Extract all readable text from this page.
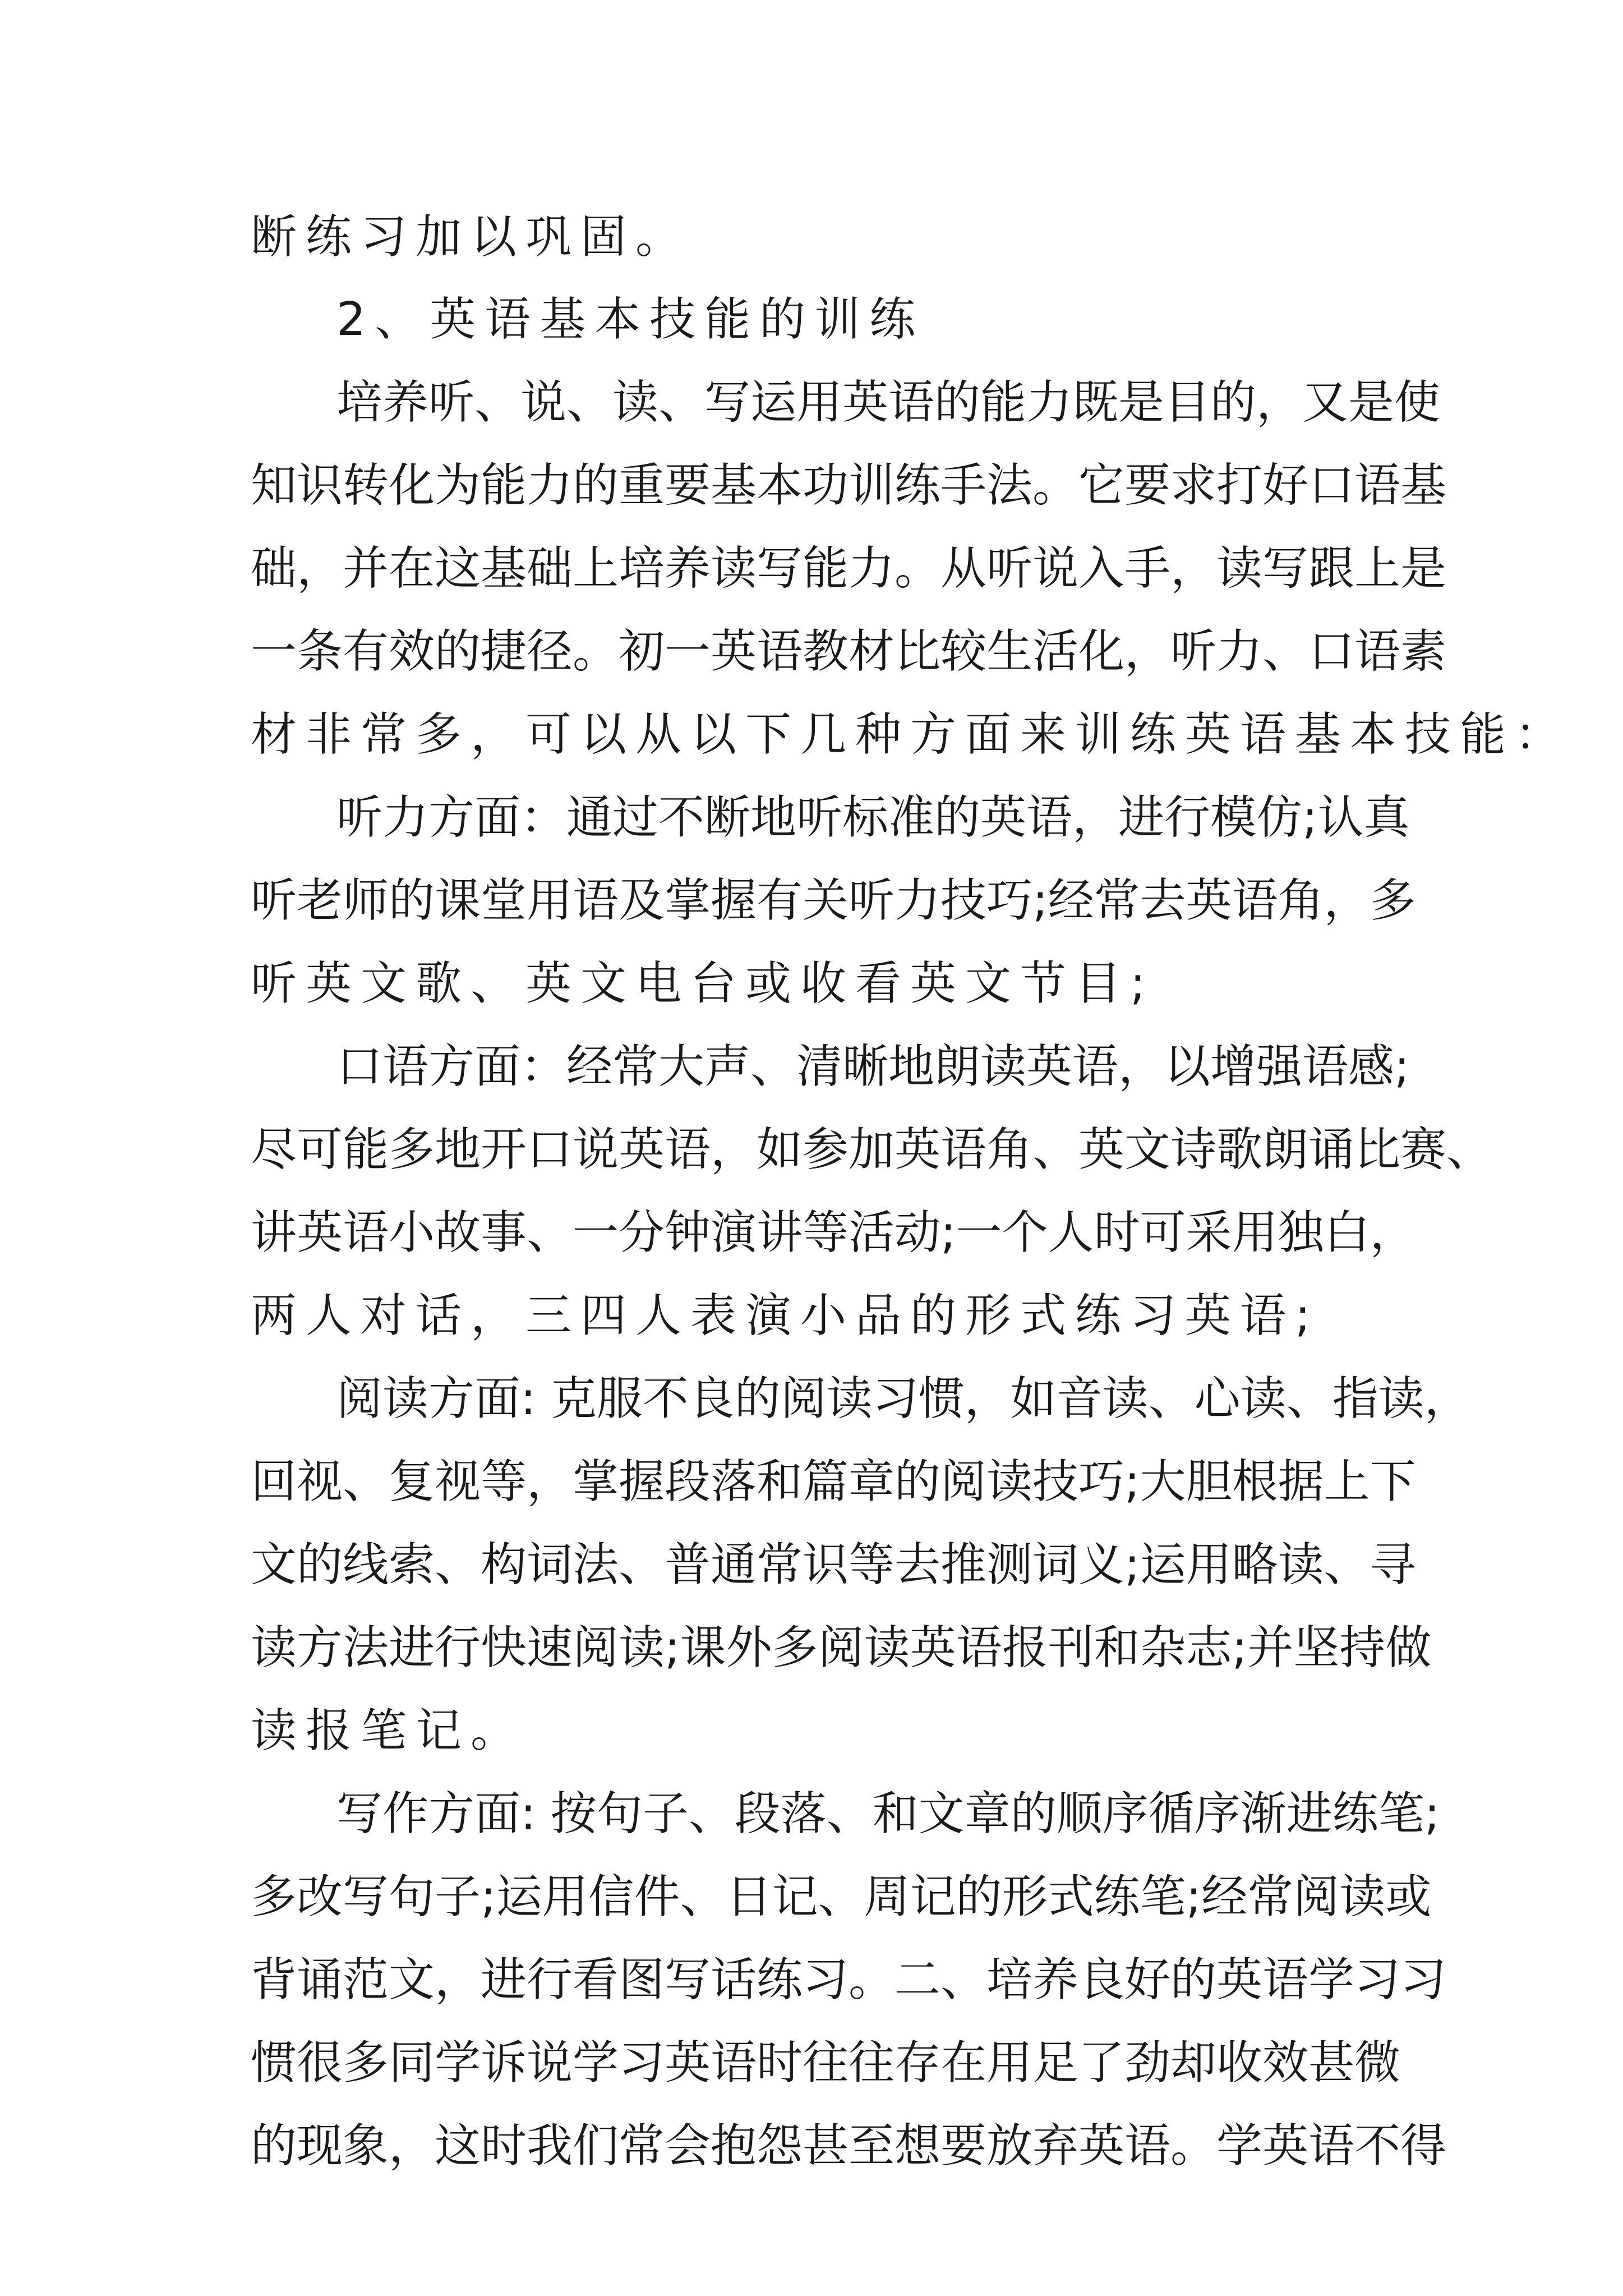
断练习加以巩固。
2、英语基本技能的训练
培养听、说、读、写运用英语的能力既是目的，又是使
知识转化为能力的重要基本功训练手法。它要求打好口语基
础，并在这基础上培养读写能力。从听说入手，读写跟上是
一条有效的捷径。初一英语教材比较生活化，听力、口语素
材非常多，可以从以下几种方面来训练英语基本技能：
听力方面：通过不断地听标准的英语，进行模仿;认真
听老师的课堂用语及掌握有关听力技巧;经常去英语角，多
听英文歌、英文电台或收看英文节目;
口语方面：经常大声、清晰地朗读英语，以增强语感;
尽可能多地开口说英语，如参加英语角、英文诗歌朗诵比赛、
讲英语小故事、一分钟演讲等活动;一个人时可采用独白，
两人对话，三四人表演小品的形式练习英语;
阅读方面: 克服不良的阅读习惯，如音读、心读、指读，
回视、复视等，掌握段落和篇章的阅读技巧;大胆根据上下
文的线索、构词法、普通常识等去推测词义;运用略读、寻
读方法进行快速阅读;课外多阅读英语报刊和杂志;并坚持做
读报笔记。
写作方面: 按句子、段落、和文章的顺序循序渐进练笔;
多改写句子;运用信件、日记、周记的形式练笔;经常阅读或
背诵范文，进行看图写话练习。二、培养良好的英语学习习
惯很多同学诉说学习英语时往往存在用足了劲却收效甚微
的现象，这时我们常会抱怨甚至想要放弃英语。学英语不得
